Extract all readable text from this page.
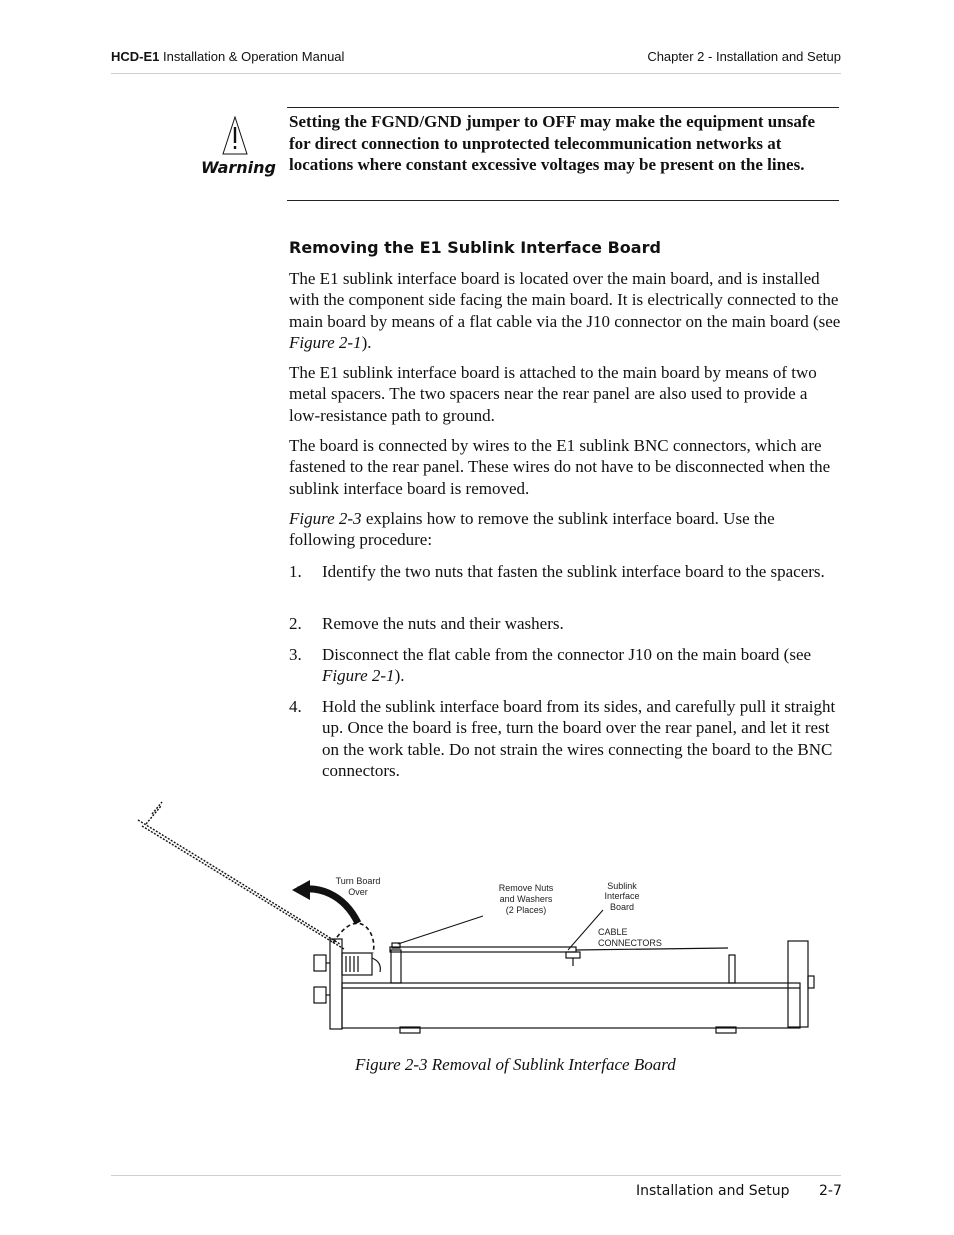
HCD-E1 Installation & Operation Manual	Chapter 2 - Installation and Setup
Warning
Setting the FGND/GND jumper to OFF may make the equipment unsafe for direct connection to unprotected telecommunication networks at locations where constant excessive voltages may be present on the lines.
Removing the E1 Sublink Interface Board
The E1 sublink interface board is located over the main board, and is installed with the component side facing the main board. It is electrically connected to the main board by means of a flat cable via the J10 connector on the main board (see Figure 2-1).
The E1 sublink interface board is attached to the main board by means of two metal spacers. The two spacers near the rear panel are also used to provide a low-resistance path to ground.
The board is connected by wires to the E1 sublink BNC connectors, which are fastened to the rear panel. These wires do not have to be disconnected when the sublink interface board is removed.
Figure 2-3 explains how to remove the sublink interface board. Use the following procedure:
1. Identify the two nuts that fasten the sublink interface board to the spacers.
2. Remove the nuts and their washers.
3. Disconnect the flat cable from the connector J10 on the main board (see Figure 2-1).
4. Hold the sublink interface board from its sides, and carefully pull it straight up. Once the board is free, turn the board over the rear panel, and let it rest on the work table. Do not strain the wires connecting the board to the BNC connectors.
Turn Board
Over	Remove Nuts
and Washers
(2 Places)
Sublink
Interface
Board
CABLE
CONNECTORS
Figure 2-3 Removal of Sublink Interface Board
Installation and Setup 2-7
